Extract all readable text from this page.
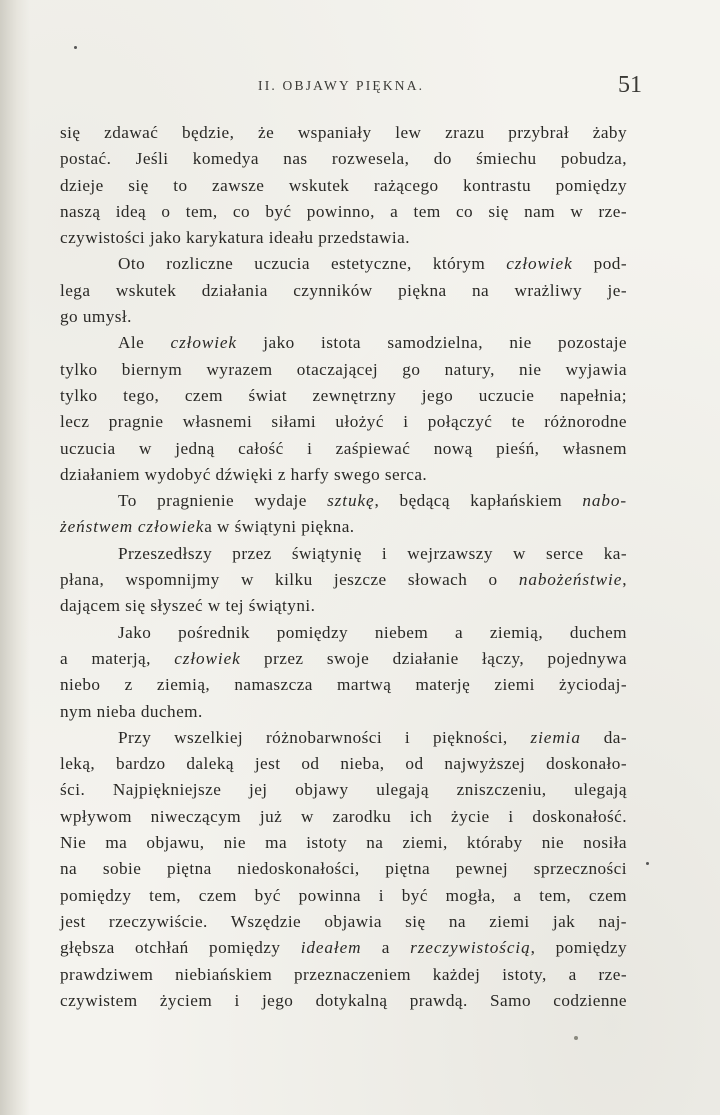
II. OBJAWY PIĘKNA.	51

się zdawać będzie, że wspaniały lew zrazu przybrał żaby
postać. Jeśli komedya nas rozwesela, do śmiechu pobudza,
dzieje się to zawsze wskutek rażącego kontrastu pomiędzy
naszą ideą o tem, co być powinno, a tem co się nam w rze-
czywistości jako karykatura ideału przedstawia.
Oto rozliczne uczucia estetyczne, którym człowiek pod-
lega wskutek działania czynników piękna na wrażliwy je-
go umysł.
Ale człowiek jako istota samodzielna, nie pozostaje
tylko biernym wyrazem otaczającej go natury, nie wyjawia
tylko tego, czem świat zewnętrzny jego uczucie napełnia;
lecz pragnie własnemi siłami ułożyć i połączyć te różnorodne
uczucia w jedną całość i zaśpiewać nową pieśń, własnem
działaniem wydobyć dźwięki z harfy swego serca.
To pragnienie wydaje sztukę, będącą kapłańskiem nabo-
żeństwem człowieka w świątyni piękna.
Przeszedłszy przez świątynię i wejrzawszy w serce ka-
płana, wspomnijmy w kilku jeszcze słowach o nabożeństwie,
dającem się słyszeć w tej świątyni.
Jako pośrednik pomiędzy niebem a ziemią, duchem
a materją, człowiek przez swoje działanie łączy, pojednywa
niebo z ziemią, namaszcza martwą materję ziemi życiodaj-
nym nieba duchem.
Przy wszelkiej różnobarwności i piękności, ziemia da-
leką, bardzo daleką jest od nieba, od najwyższej doskonało-
ści. Najpiękniejsze jej objawy ulegają zniszczeniu, ulegają
wpływom niweczącym już w zarodku ich życie i doskonałość.
Nie ma objawu, nie ma istoty na ziemi, któraby nie nosiła
na sobie piętna niedoskonałości, piętna pewnej sprzeczności
pomiędzy tem, czem być powinna i być mogła, a tem, czem
jest rzeczywiście. Wszędzie objawia się na ziemi jak naj-
głębsza otchłań pomiędzy ideałem a rzeczywistością, pomiędzy
prawdziwem niebiańskiem przeznaczeniem każdej istoty, a rze-
czywistem życiem i jego dotykalną prawdą. Samo codzienne
